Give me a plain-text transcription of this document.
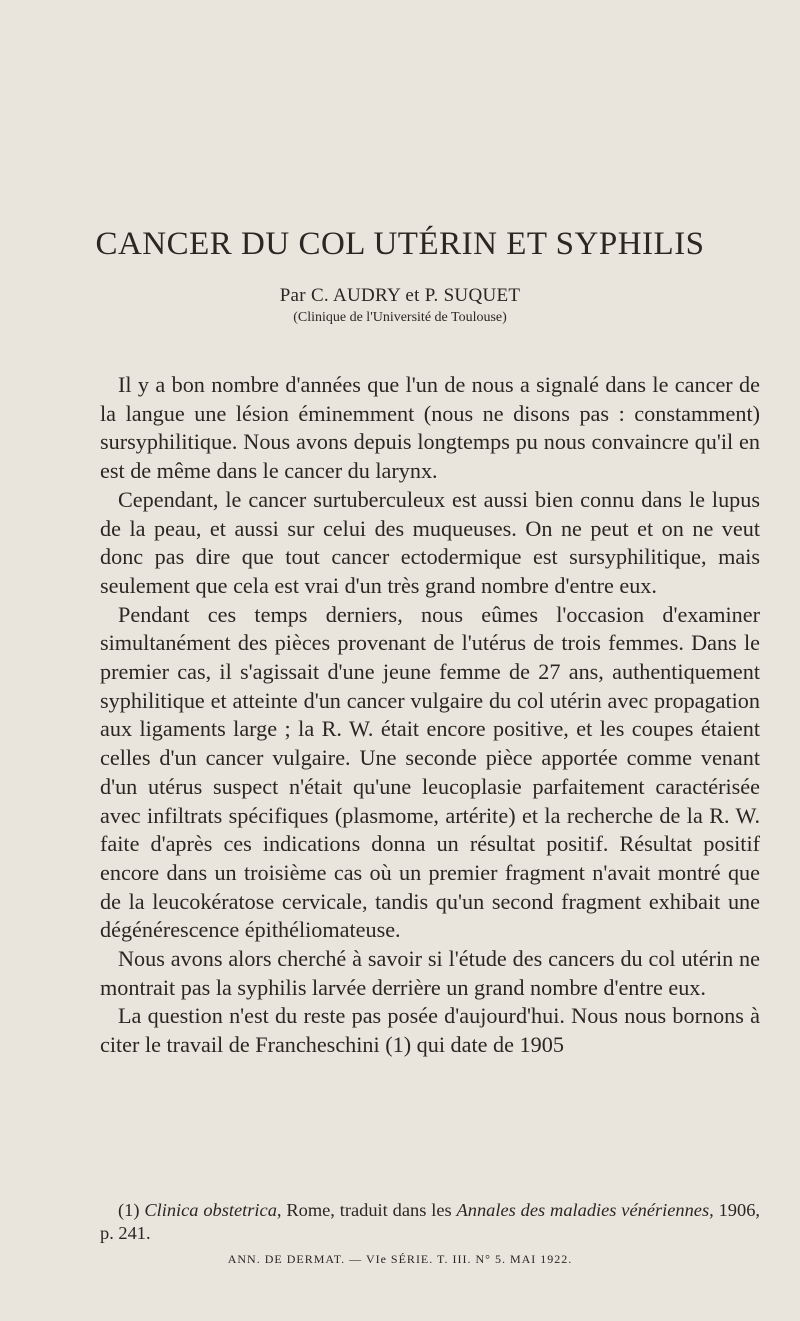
CANCER DU COL UTÉRIN ET SYPHILIS

Par C. AUDRY et P. SUQUET

(Clinique de l'Université de Toulouse)

Il y a bon nombre d'années que l'un de nous a signalé dans le cancer de la langue une lésion éminemment (nous ne disons pas : constamment) sursyphilitique. Nous avons depuis longtemps pu nous convaincre qu'il en est de même dans le cancer du larynx.

Cependant, le cancer surtuberculeux est aussi bien connu dans le lupus de la peau, et aussi sur celui des muqueuses. On ne peut et on ne veut donc pas dire que tout cancer ectodermique est sursyphilitique, mais seulement que cela est vrai d'un très grand nombre d'entre eux.

Pendant ces temps derniers, nous eûmes l'occasion d'examiner simultanément des pièces provenant de l'utérus de trois femmes. Dans le premier cas, il s'agissait d'une jeune femme de 27 ans, authentiquement syphilitique et atteinte d'un cancer vulgaire du col utérin avec propagation aux ligaments large ; la R. W. était encore positive, et les coupes étaient celles d'un cancer vulgaire. Une seconde pièce apportée comme venant d'un utérus suspect n'était qu'une leucoplasie parfaitement caractérisée avec infiltrats spécifiques (plasmome, artérite) et la recherche de la R. W. faite d'après ces indications donna un résultat positif. Résultat positif encore dans un troisième cas où un premier fragment n'avait montré que de la leucokératose cervicale, tandis qu'un second fragment exhibait une dégénérescence épithéliomateuse.

Nous avons alors cherché à savoir si l'étude des cancers du col utérin ne montrait pas la syphilis larvée derrière un grand nombre d'entre eux.

La question n'est du reste pas posée d'aujourd'hui. Nous nous bornons à citer le travail de Francheschini (1) qui date de 1905

(1) Clinica obstetrica, Rome, traduit dans les Annales des maladies vénériennes, 1906, p. 241.

ANN. DE DERMAT. — VIe SÉRIE. T. III. N° 5. MAI 1922.
